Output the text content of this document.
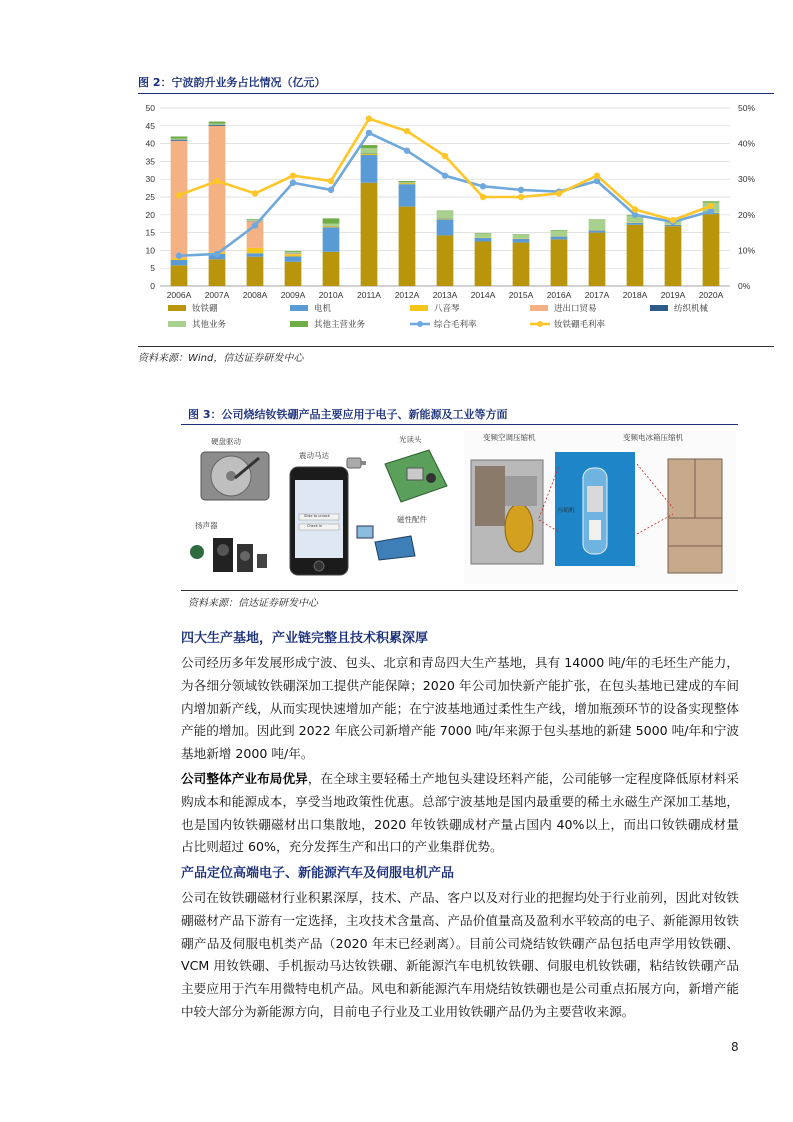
图 2：宁波韵升业务占比情况（亿元）
0
5
10
15
20
25
30
35
40
45
50
0%
10%
20%
30%
40%
50%
2006A 2007A 2008A 2009A 2010A 2011A 2012A 2013A 2014A 2015A 2016A 2017A 2018A 2019A 2020A
钕铁硼	电机	八音琴	进出口贸易	纺织机械
其他业务	其他主营业务	综合毛利率	钕铁硼毛利率
资料来源：Wind，信达证券研发中心
图 3：公司烧结钕铁硼产品主要应用于电子、新能源及工业等方面
硬盘驱动
震动马达
Slide to unlock
Check In
光读头
扬声器
磁性配件
变频空调压缩机	变频电冰箱压缩机
压缩机
资料来源：信达证券研发中心
四大生产基地，产业链完整且技术积累深厚
公司经历多年发展形成宁波、包头、北京和青岛四大生产基地，具有 14000 吨/年的毛坯生产能力，为各细分领域钕铁硼深加工提供产能保障；2020 年公司加快新产能扩张，在包头基地已建成的车间内增加新产线，从而实现快速增加产能；在宁波基地通过柔性生产线，增加瓶颈环节的设备实现整体产能的增加。因此到 2022 年底公司新增产能 7000 吨/年来源于包头基地的新建 5000 吨/年和宁波基地新增 2000 吨/年。
公司整体产业布局优异，在全球主要轻稀土产地包头建设坯料产能，公司能够一定程度降低原材料采购成本和能源成本，享受当地政策性优惠。总部宁波基地是国内最重要的稀土永磁生产深加工基地，也是国内钕铁硼磁材出口集散地，2020 年钕铁硼成材产量占国内 40%以上，而出口钕铁硼成材量占比则超过 60%，充分发挥生产和出口的产业集群优势。
产品定位高端电子、新能源汽车及伺服电机产品
公司在钕铁硼磁材行业积累深厚，技术、产品、客户以及对行业的把握均处于行业前列，因此对钕铁硼磁材产品下游有一定选择，主攻技术含量高、产品价值量高及盈利水平较高的电子、新能源用钕铁硼产品及伺服电机类产品（2020 年末已经剥离）。目前公司烧结钕铁硼产品包括电声学用钕铁硼、VCM 用钕铁硼、手机振动马达钕铁硼、新能源汽车电机钕铁硼、伺服电机钕铁硼，粘结钕铁硼产品主要应用于汽车用微特电机产品。风电和新能源汽车用烧结钕铁硼也是公司重点拓展方向，新增产能中较大部分为新能源方向，目前电子行业及工业用钕铁硼产品仍为主要营收来源。
8
